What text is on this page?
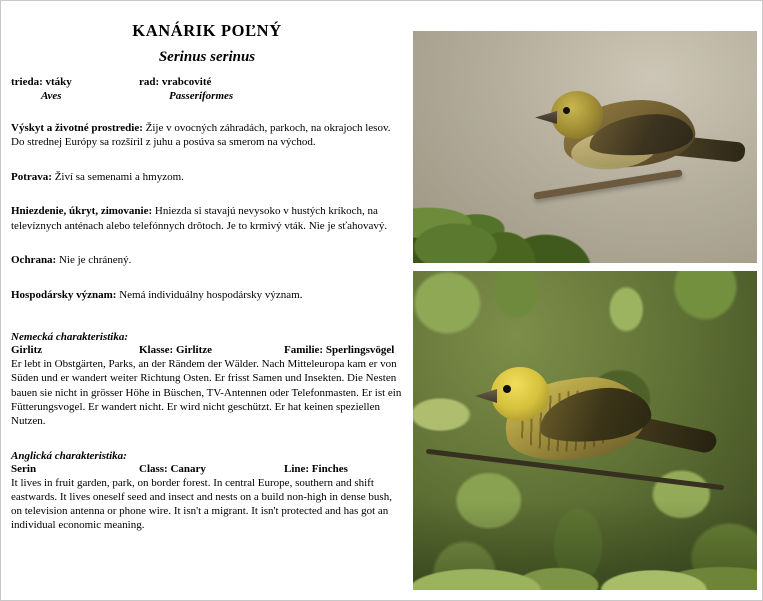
KANÁRIK POĽNÝ
Serinus serinus
trieda: vtáky	rad: vrabcovité
Aves	Passeriformes

Výskyt a životné prostredie: Žije v ovocných záhradách, parkoch, na okrajoch lesov. Do strednej Európy sa rozšíril z juhu a posúva sa smerom na východ.

Potrava: Živí sa semenami a hmyzom.

Hniezdenie, úkryt, zimovanie: Hniezda si stavajú nevysoko v hustých kríkoch, na televíznych anténach alebo telefónnych drôtoch. Je to krmivý vták. Nie je sťahovavý.

Ochrana: Nie je chránený.

Hospodársky význam: Nemá individuálny hospodársky význam.

Nemecká charakteristika:
Girlitz	Klasse: Girlitze	Familie: Sperlingsvögel

Er lebt in Obstgärten, Parks, an der Rändem der Wälder. Nach Mitteleuropa kam er von Süden und er wandert weiter Richtung Osten. Er frisst Samen und Insekten. Die Nesten bauen sie nicht in grösser Höhe in Büschen, TV-Antennen oder Telefonmasten. Er ist ein Fütterungsvogel. Er wandert nicht. Er wird nicht geschützt. Er hat keinen speziellen Nutzen.

Anglická charakteristika:
Serin	Class: Canary	Line: Finches

It lives in fruit garden, park, on border forest. In central Europe, southern and shift eastwards. It lives oneself seed and insect and nests on a build non-high in dense bush, on television antenna or phone wire. It isn't a migrant. It isn't protected and has got an individual economic meaning.
